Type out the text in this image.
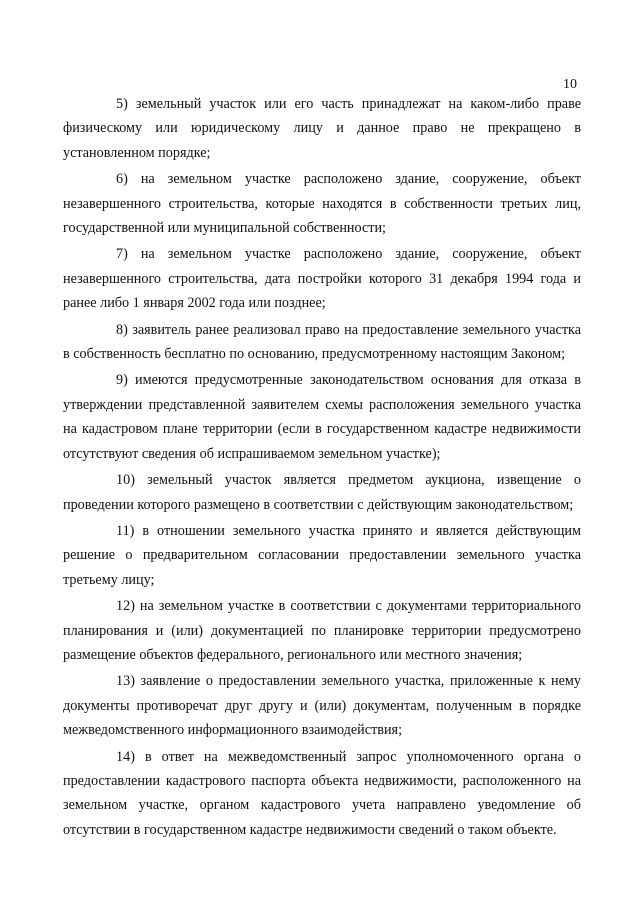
10

5) земельный участок или его часть принадлежат на каком-либо праве физическому или юридическому лицу и данное право не прекращено в установленном порядке;

6) на земельном участке расположено здание, сооружение, объект незавершенного строительства, которые находятся в собственности третьих лиц, государственной или муниципальной собственности;

7) на земельном участке расположено здание, сооружение, объект незавершенного строительства, дата постройки которого 31 декабря 1994 года и ранее либо 1 января 2002 года или позднее;

8) заявитель ранее реализовал право на предоставление земельного участка в собственность бесплатно по основанию, предусмотренному настоящим Законом;

9) имеются предусмотренные законодательством основания для отказа в утверждении представленной заявителем схемы расположения земельного участка на кадастровом плане территории (если в государственном кадастре недвижимости отсутствуют сведения об испрашиваемом земельном участке);

10) земельный участок является предметом аукциона, извещение о проведении которого размещено в соответствии с действующим законодательством;

11) в отношении земельного участка принято и является действующим решение о предварительном согласовании предоставлении земельного участка третьему лицу;

12) на земельном участке в соответствии с документами территориального планирования и (или) документацией по планировке территории предусмотрено размещение объектов федерального, регионального или местного значения;

13) заявление о предоставлении земельного участка, приложенные к нему документы противоречат друг другу и (или) документам, полученным в порядке межведомственного информационного взаимодействия;

14) в ответ на межведомственный запрос уполномоченного органа о предоставлении кадастрового паспорта объекта недвижимости, расположенного на земельном участке, органом кадастрового учета направлено уведомление об отсутствии в государственном кадастре недвижимости сведений о таком объекте.
